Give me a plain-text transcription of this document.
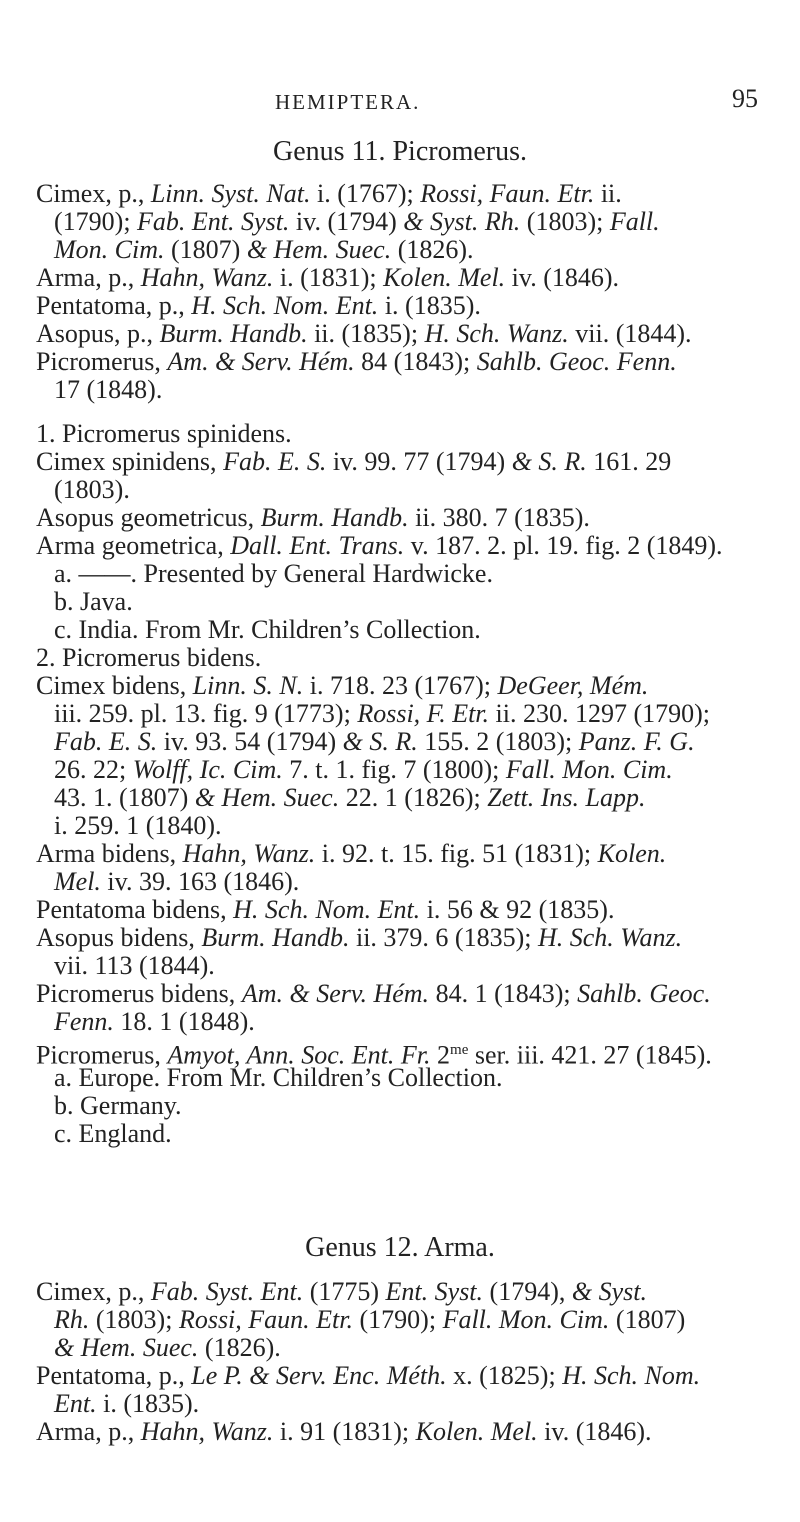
HEMIPTERA.	95
Genus 11. Picromerus.
Cimex, p., Linn. Syst. Nat. i. (1767); Rossi, Faun. Etr. ii.
(1790); Fab. Ent. Syst. iv. (1794) & Syst. Rh. (1803); Fall.
Mon. Cim. (1807) & Hem. Suec. (1826).
Arma, p., Hahn, Wanz. i. (1831); Kolen. Mel. iv. (1846).
Pentatoma, p., H. Sch. Nom. Ent. i. (1835).
Asopus, p., Burm. Handb. ii. (1835); H. Sch. Wanz. vii. (1844).
Picromerus, Am. & Serv. Hém. 84 (1843); Sahlb. Geoc. Fenn.
17 (1848).
1. Picromerus spinidens.
Cimex spinidens, Fab. E. S. iv. 99. 77 (1794) & S. R. 161. 29
(1803).
Asopus geometricus, Burm. Handb. ii. 380. 7 (1835).
Arma geometrica, Dall. Ent. Trans. v. 187. 2. pl. 19. fig. 2 (1849).
a. ——. Presented by General Hardwicke.
b. Java.
c. India. From Mr. Children’s Collection.
2. Picromerus bidens.
Cimex bidens, Linn. S. N. i. 718. 23 (1767); DeGeer, Mém.
iii. 259. pl. 13. fig. 9 (1773); Rossi, F. Etr. ii. 230. 1297 (1790);
Fab. E. S. iv. 93. 54 (1794) & S. R. 155. 2 (1803); Panz. F. G.
26. 22; Wolff, Ic. Cim. 7. t. 1. fig. 7 (1800); Fall. Mon. Cim.
43. 1. (1807) & Hem. Suec. 22. 1 (1826); Zett. Ins. Lapp.
i. 259. 1 (1840).
Arma bidens, Hahn, Wanz. i. 92. t. 15. fig. 51 (1831); Kolen.
Mel. iv. 39. 163 (1846).
Pentatoma bidens, H. Sch. Nom. Ent. i. 56 & 92 (1835).
Asopus bidens, Burm. Handb. ii. 379. 6 (1835); H. Sch. Wanz.
vii. 113 (1844).
Picromerus bidens, Am. & Serv. Hém. 84. 1 (1843); Sahlb. Geoc.
Fenn. 18. 1 (1848).
Picromerus, Amyot, Ann. Soc. Ent. Fr. $2^{me}$ ser. iii. 421. 27 (1845).
a. Europe. From Mr. Children’s Collection.
b. Germany.
c. England.
Genus 12. Arma.
Cimex, p., Fab. Syst. Ent. (1775) Ent. Syst. (1794), & Syst.
Rh. (1803); Rossi, Faun. Etr. (1790); Fall. Mon. Cim. (1807)
& Hem. Suec. (1826).
Pentatoma, p., Le P. & Serv. Enc. Méth. x. (1825); H. Sch. Nom.
Ent. i. (1835).
Arma, p., Hahn, Wanz. i. 91 (1831); Kolen. Mel. iv. (1846).
